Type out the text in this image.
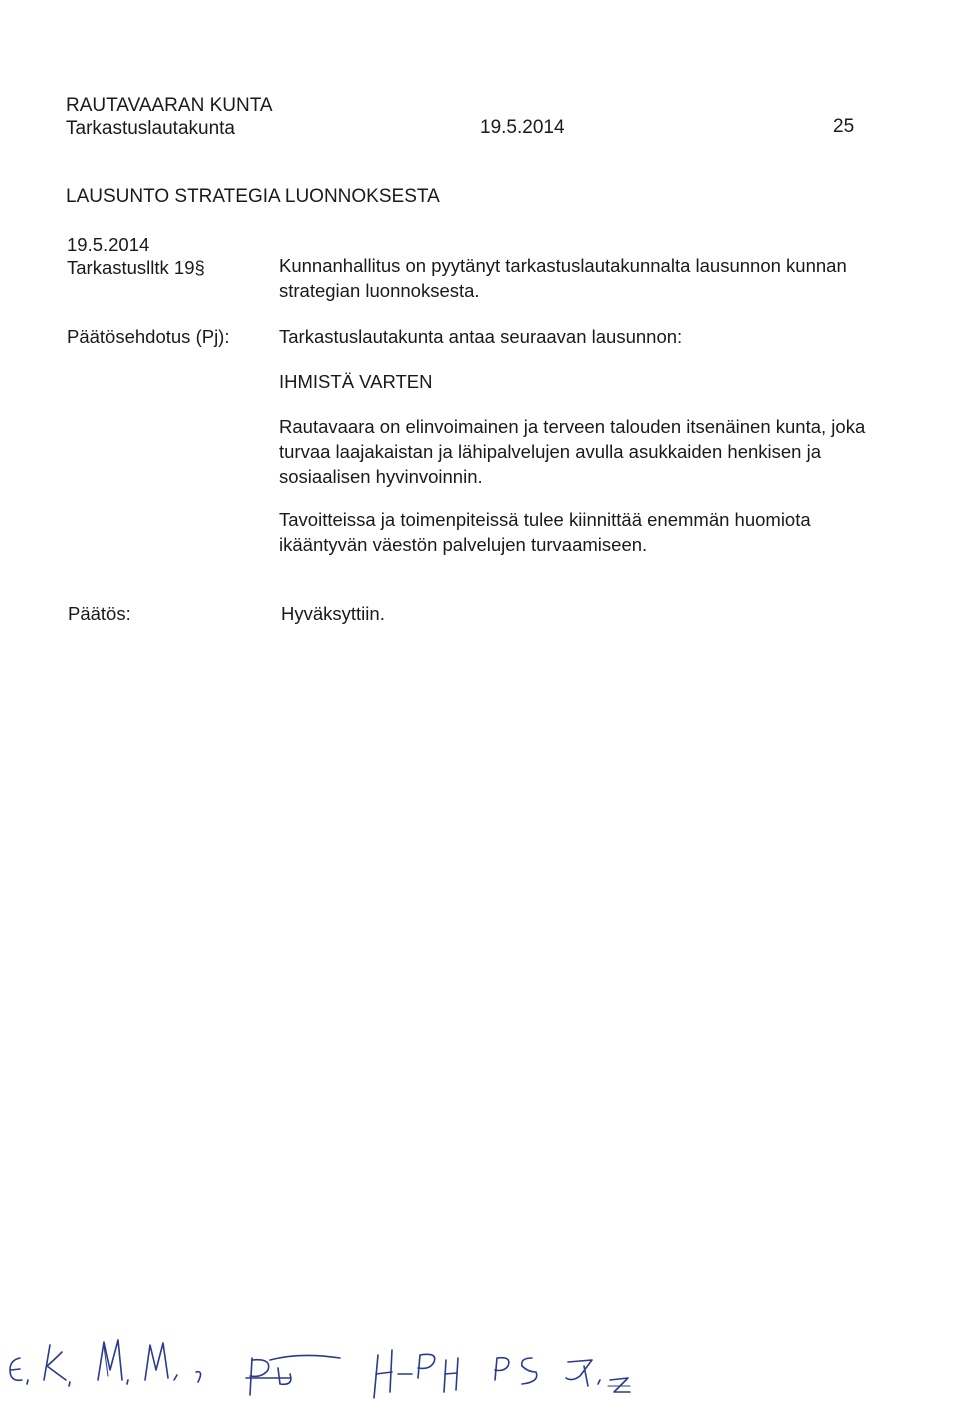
RAUTAVAARAN KUNTA
Tarkastuslautakunta	19.5.2014	25
LAUSUNTO STRATEGIA LUONNOKSESTA
19.5.2014
Tarkastuslltk 19§	Kunnanhallitus on pyytänyt tarkastuslautakunnalta lausunnon kunnan strategian luonnoksesta.
Päätösehdotus (Pj):	Tarkastuslautakunta antaa seuraavan lausunnon:
IHMISTÄ VARTEN
Rautavaara on elinvoimainen ja terveen talouden itsenäinen kunta, joka turvaa laajakaistan ja lähipalvelujen avulla asukkaiden henkisen ja sosiaalisen hyvinvoinnin.
Tavoitteissa ja toimenpiteissä tulee kiinnittää enemmän huomiota ikääntyvän väestön palvelujen turvaamiseen.
Päätös:	Hyväksyttiin.
